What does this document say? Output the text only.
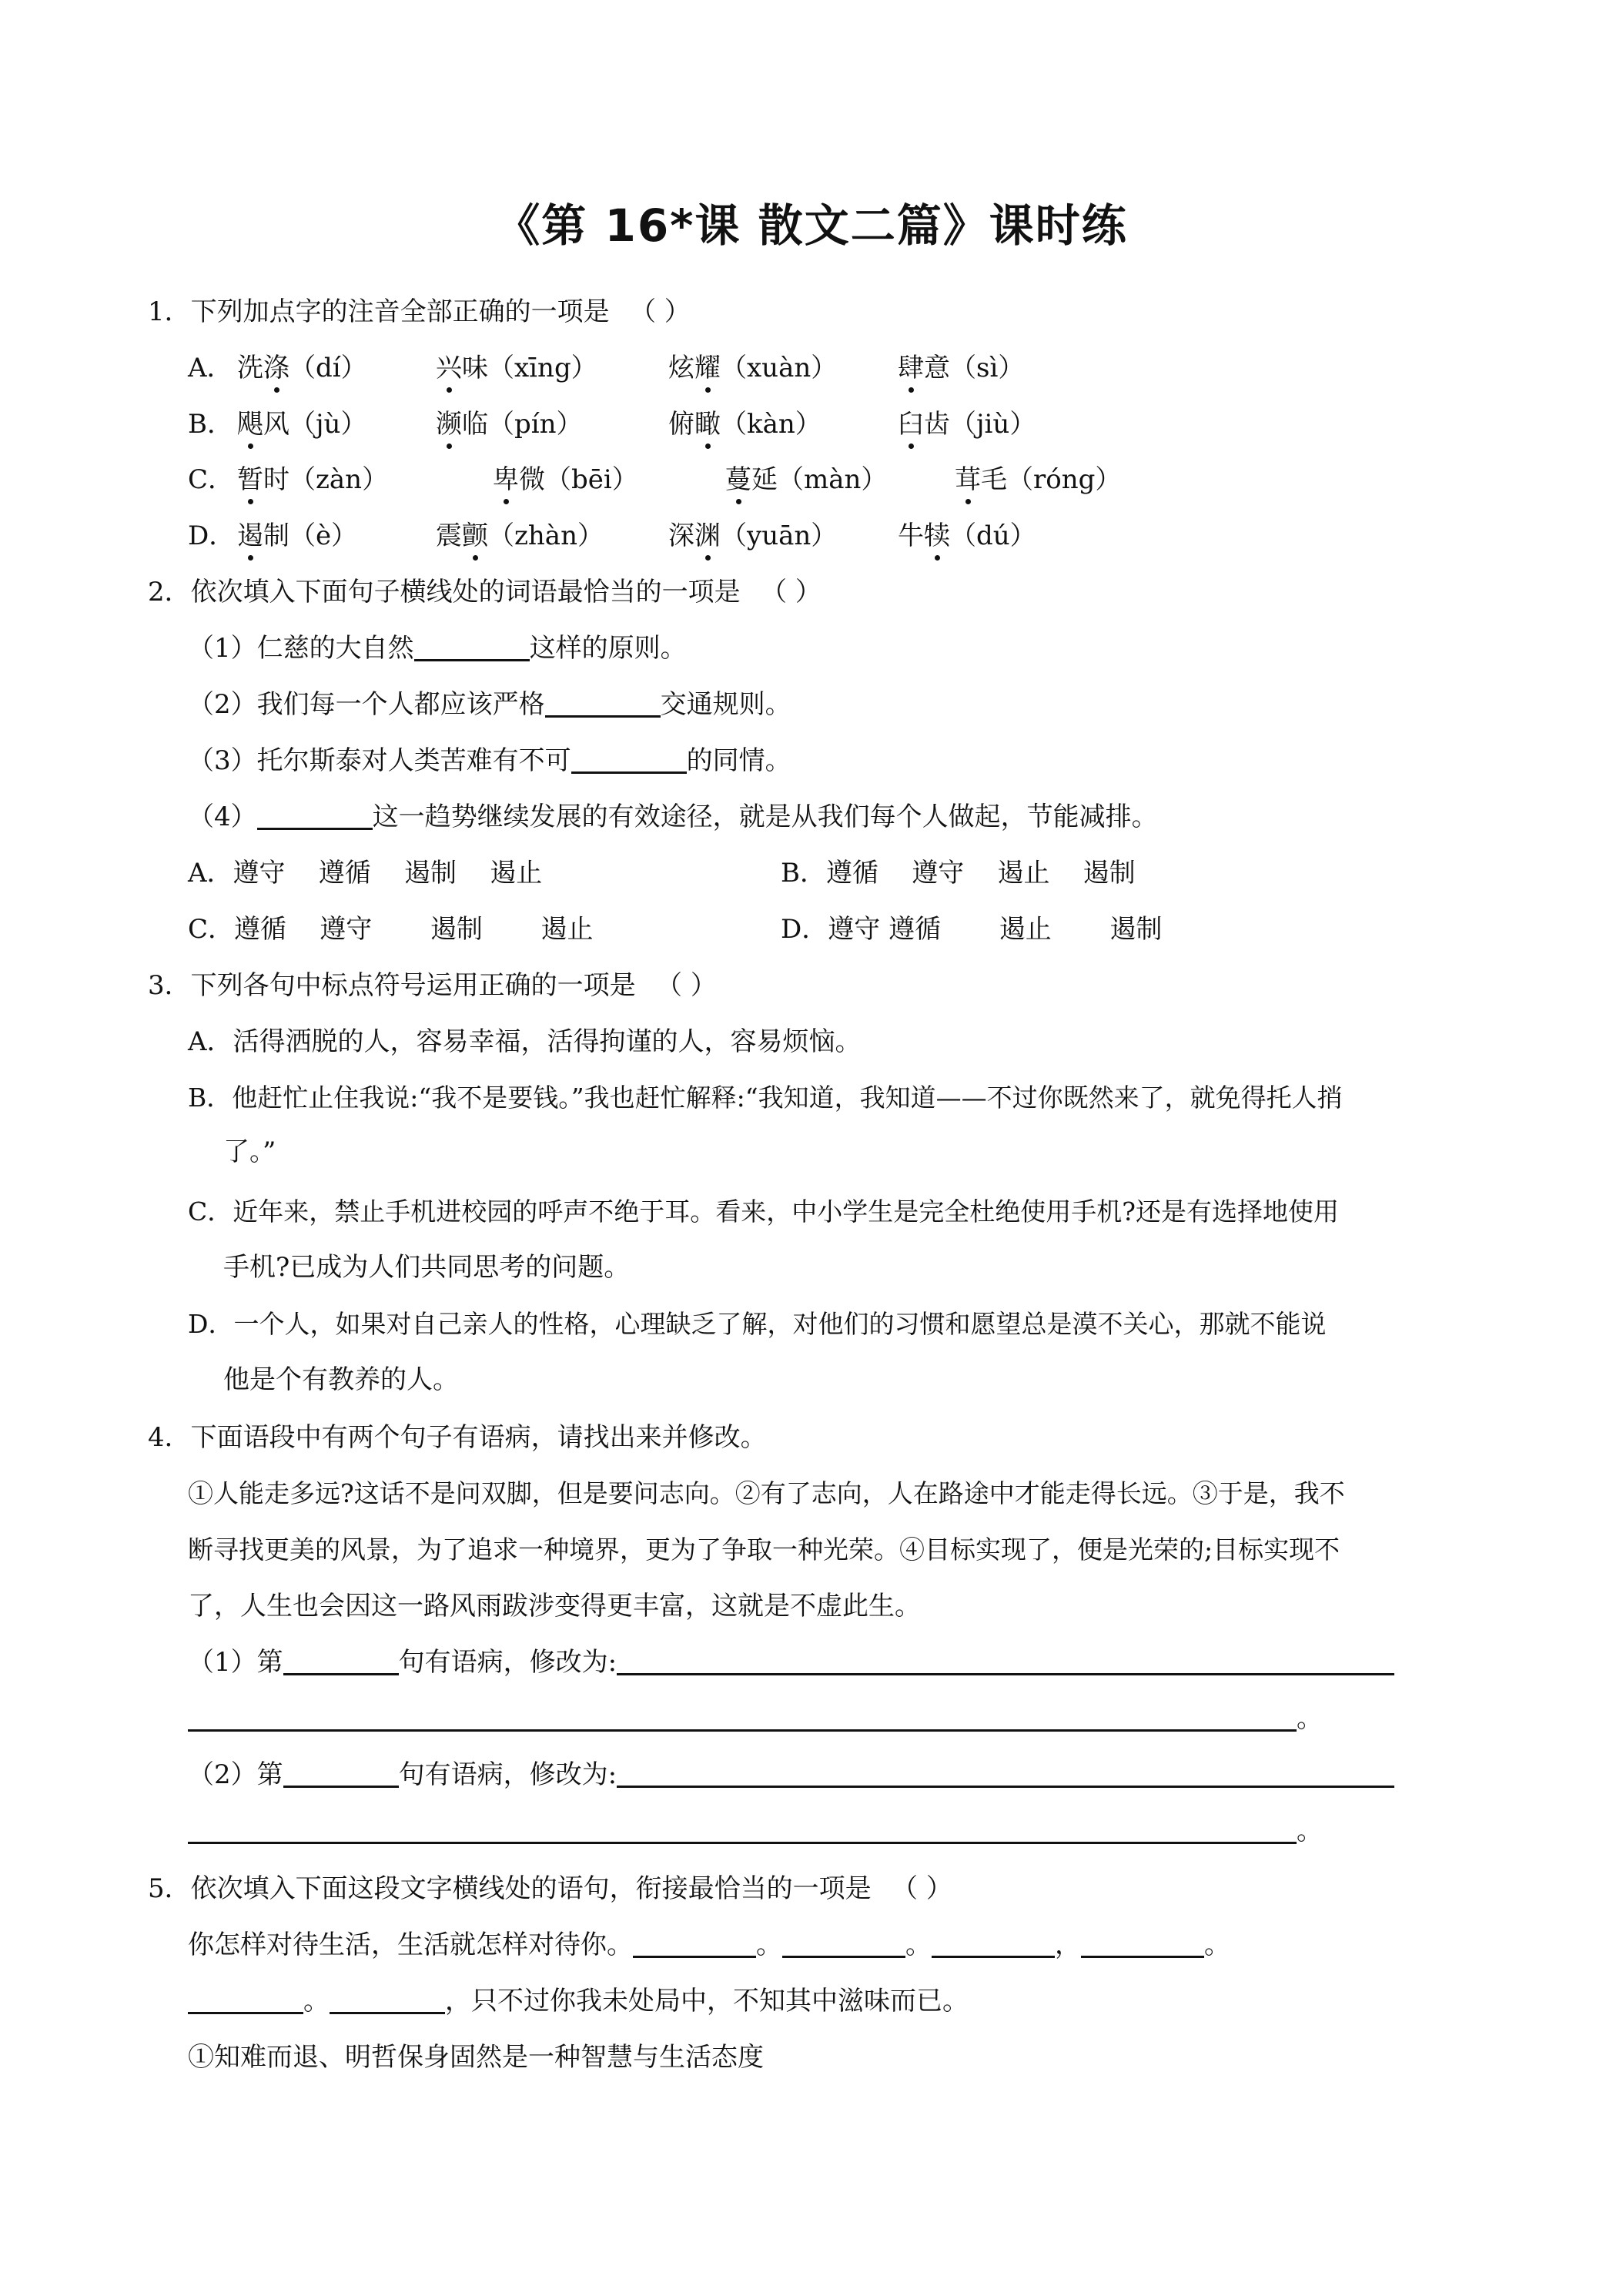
《第 16*课 散文二篇》课时练
1．下列加点字的注音全部正确的一项是 （ ）
A． 洗涤（dí）	兴味（xīng）	炫耀（xuàn） 肆意（sì）
B． 飓风（jù）	濒临（pín）	俯瞰（kàn）	臼齿（jiù）
C． 暂时（zàn）	卑微（bēi）	蔓延（màn）	茸毛（róng）
D． 遏制（è）	震颤（zhàn） 深渊（yuān） 牛犊（dú）
2．依次填入下面句子横线处的词语最恰当的一项是 （ ）
（1）仁慈的大自然	这样的原则。
（2）我们每一个人都应该严格	交通规则。
（3）托尔斯泰对人类苦难有不可	的同情。
（4）	这一趋势继续发展的有效途径，就是从我们每个人做起，节能减排。
A．遵守    遵循    遏制    遏止	B．遵循    遵守    遏止    遏制
C．遵循    遵守       遏制       遏止	D．遵守 遵循       遏止       遏制
3．下列各句中标点符号运用正确的一项是 （ ）
A．活得洒脱的人，容易幸福，活得拘谨的人，容易烦恼。
B．他赶忙止住我说:“我不是要钱。”我也赶忙解释:“我知道，我知道——不过你既然来了，就免得托人捎
了。”
C．近年来，禁止手机进校园的呼声不绝于耳。看来，中小学生是完全杜绝使用手机?还是有选择地使用
手机?已成为人们共同思考的问题。
D．一个人，如果对自己亲人的性格，心理缺乏了解，对他们的习惯和愿望总是漠不关心，那就不能说
他是个有教养的人。
4．下面语段中有两个句子有语病，请找出来并修改。
①人能走多远?这话不是问双脚，但是要问志向。②有了志向，人在路途中才能走得长远。③于是，我不
断寻找更美的风景，为了追求一种境界，更为了争取一种光荣。④目标实现了，便是光荣的;目标实现不
了，人生也会因这一路风雨跋涉变得更丰富，这就是不虚此生。
（1）第	句有语病，修改为:
。
（2）第	句有语病，修改为:
。
5．依次填入下面这段文字横线处的语句，衔接最恰当的一项是 （ ）
你怎样对待生活，生活就怎样对待你。	。	。	，	。
。	，只不过你我未处局中，不知其中滋味而已。
①知难而退、明哲保身固然是一种智慧与生活态度
